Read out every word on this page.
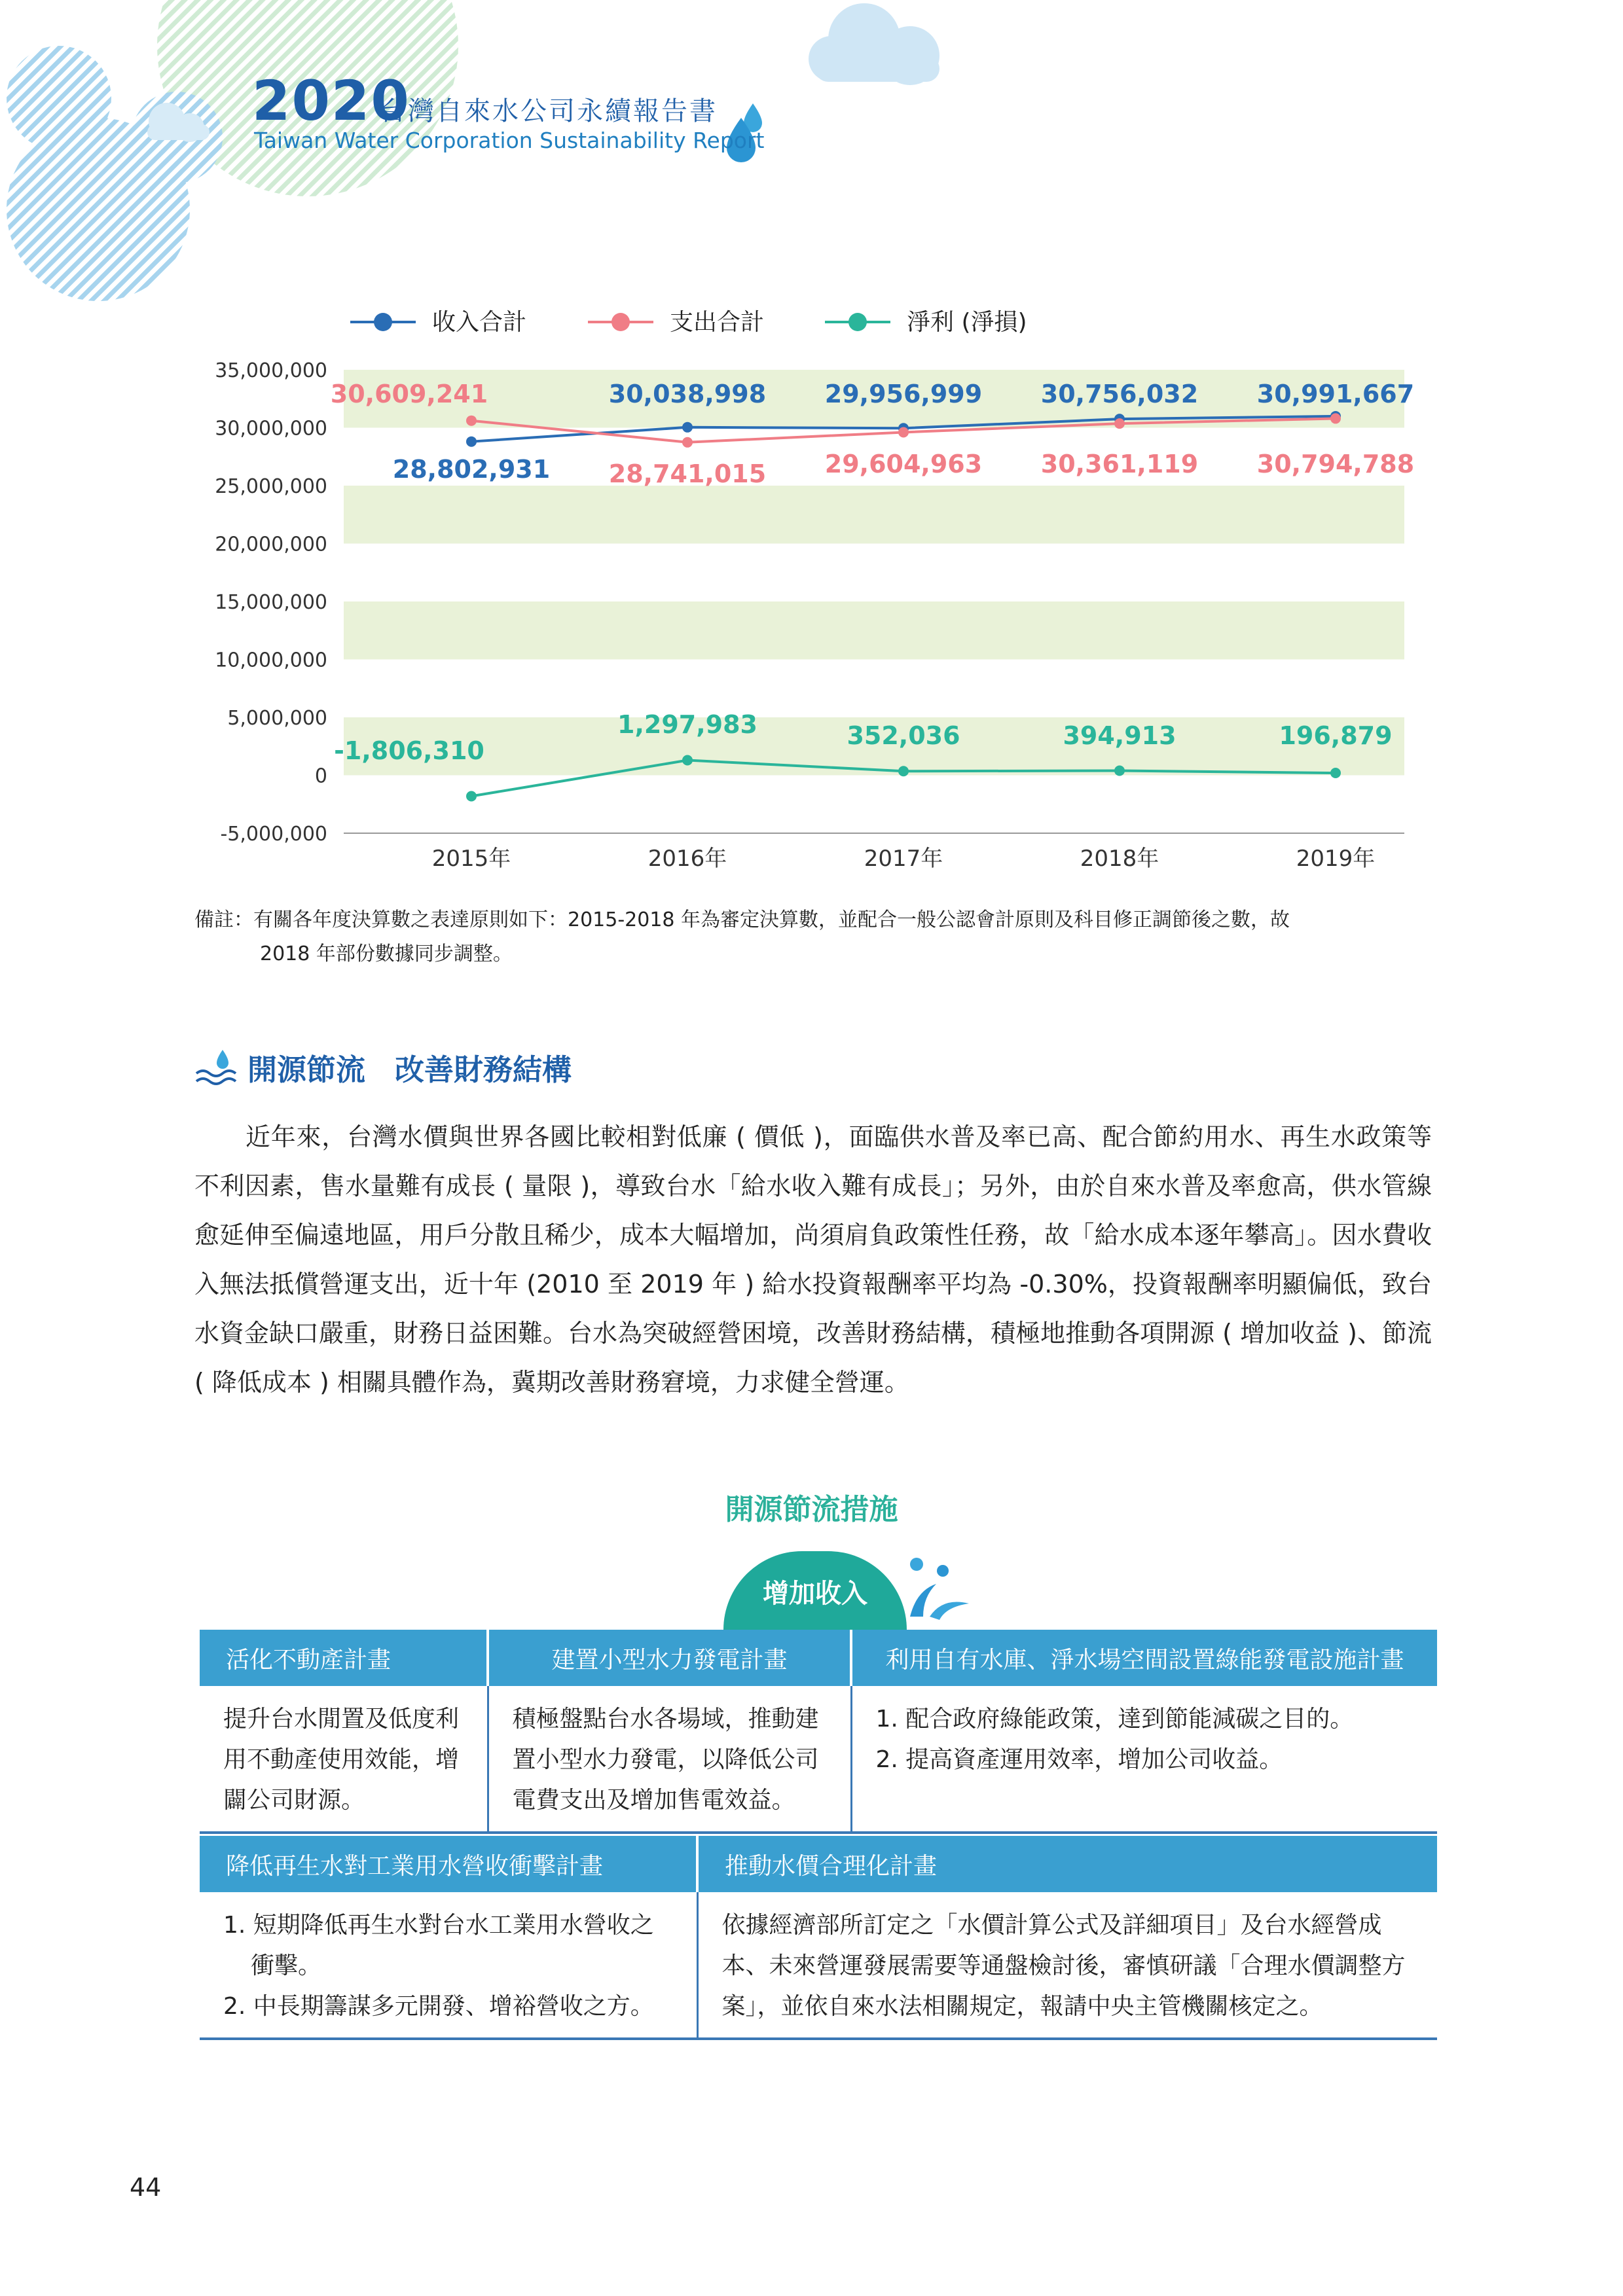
2020
台灣自來水公司永續報告書
Taiwan Water Corporation Sustainability Report
35,000,000
30,000,000
25,000,000
20,000,000
15,000,000
10,000,000
5,000,000
0
-5,000,000
2015年	2016年	2017年	2018年	2019年
28,802,931
30,038,998 29,956,999 30,756,032 30,991,667
30,609,241
28,741,015 29,604,963 30,361,119 30,794,788
-1,806,310
1,297,983	352,036	394,913	196,879
收入合計	支出合計	淨利 (淨損)
備註：有關各年度決算數之表達原則如下：2015-2018 年為審定決算數，並配合一般公認會計原則及科目修正調節後之數，故
2018 年部份數據同步調整。
開源節流　改善財務結構
近年來，台灣水價與世界各國比較相對低廉 ( 價低 )，面臨供水普及率已高、配合節約用水、再生水政策等不利因素，售水量難有成長 ( 量限 )，導致台水「給水收入難有成長」；另外，由於自來水普及率愈高，供水管線愈延伸至偏遠地區，用戶分散且稀少，成本大幅增加，尚須肩負政策性任務，故「給水成本逐年攀高」。因水費收入無法抵償營運支出，近十年 (2010 至 2019 年 ) 給水投資報酬率平均為 -0.30%，投資報酬率明顯偏低，致台水資金缺口嚴重，財務日益困難。台水為突破經營困境，改善財務結構，積極地推動各項開源 ( 增加收益 )、節流 ( 降低成本 ) 相關具體作為，冀期改善財務窘境，力求健全營運。
開源節流措施
增加收入
活化不動產計畫	建置小型水力發電計畫	利用自有水庫、淨水場空間設置綠能發電設施計畫
提升台水閒置及低度利用不動產使用效能，增闢公司財源。	積極盤點台水各場域，推動建置小型水力發電，以降低公司電費支出及增加售電效益。	1. 配合政府綠能政策，達到節能減碳之目的。
2. 提高資產運用效率，增加公司收益。
降低再生水對工業用水營收衝擊計畫	推動水價合理化計畫

1. 短期降低再生水對台水工業用水營收之
衝擊。
2. 中長期籌謀多元開發、增裕營收之方。	依據經濟部所訂定之「水價計算公式及詳細項目」及台水經營成本、未來營運發展需要等通盤檢討後，審慎研議「合理水價調整方案」，並依自來水法相關規定，報請中央主管機關核定之。
44
